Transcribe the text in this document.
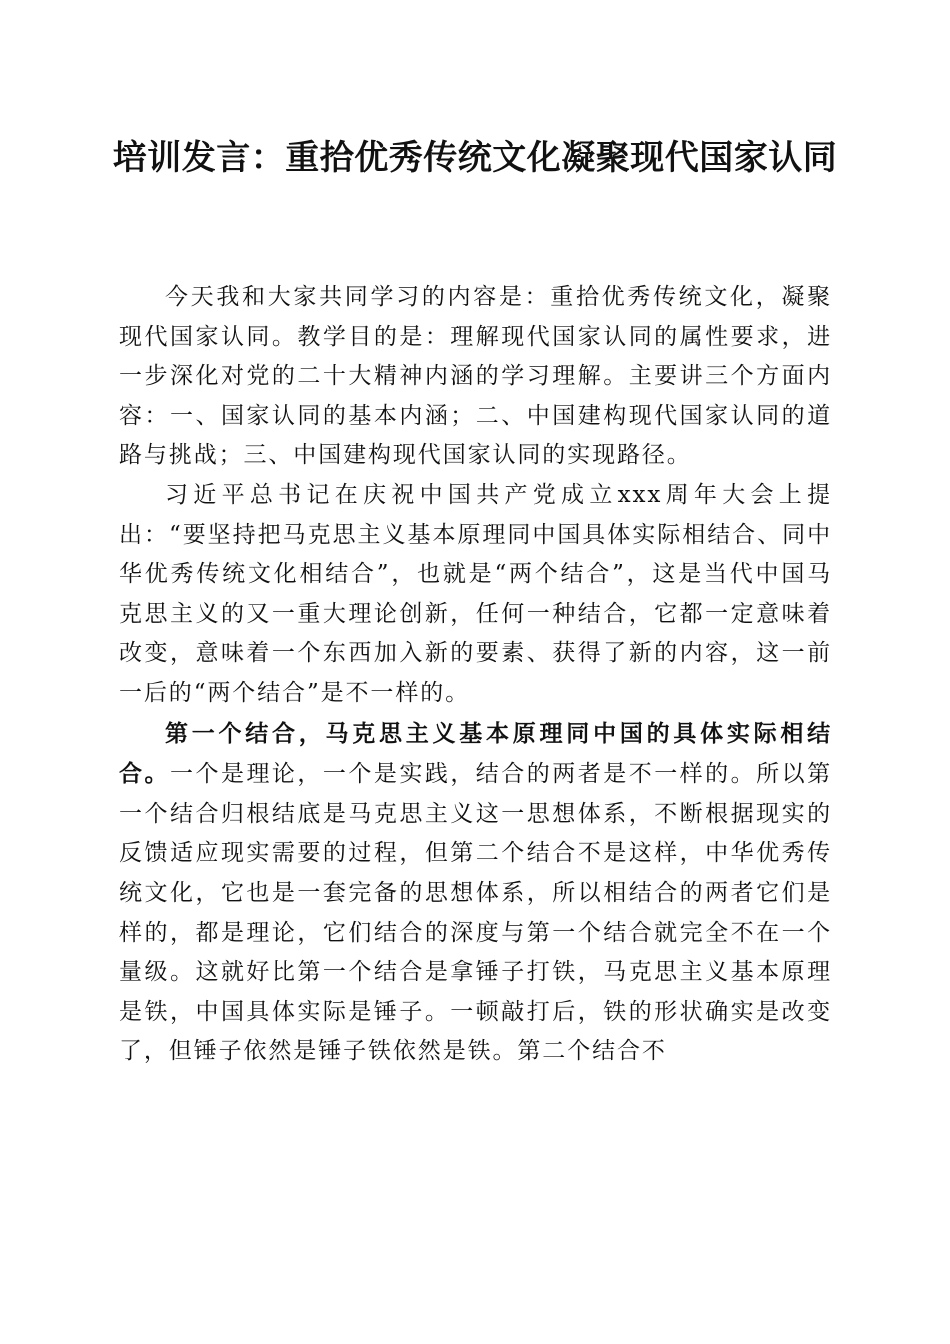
培训发言：重拾优秀传统文化凝聚现代国家认同

今天我和大家共同学习的内容是：重拾优秀传统文化，凝聚现代国家认同。教学目的是：理解现代国家认同的属性要求，进一步深化对党的二十大精神内涵的学习理解。主要讲三个方面内容：一、国家认同的基本内涵；二、中国建构现代国家认同的道路与挑战；三、中国建构现代国家认同的实现路径。

习近平总书记在庆祝中国共产党成立xxx周年大会上提出：“要坚持把马克思主义基本原理同中国具体实际相结合、同中华优秀传统文化相结合”，也就是“两个结合”，这是当代中国马克思主义的又一重大理论创新，任何一种结合，它都一定意味着改变，意味着一个东西加入新的要素、获得了新的内容，这一前一后的“两个结合”是不一样的。

第一个结合，马克思主义基本原理同中国的具体实际相结合。一个是理论，一个是实践，结合的两者是不一样的。所以第一个结合归根结底是马克思主义这一思想体系，不断根据现实的反馈适应现实需要的过程，但第二个结合不是这样，中华优秀传统文化，它也是一套完备的思想体系，所以相结合的两者它们是样的，都是理论，它们结合的深度与第一个结合就完全不在一个量级。这就好比第一个结合是拿锤子打铁，马克思主义基本原理是铁，中国具体实际是锤子。一顿敲打后，铁的形状确实是改变了，但锤子依然是锤子铁依然是铁。第二个结合不
